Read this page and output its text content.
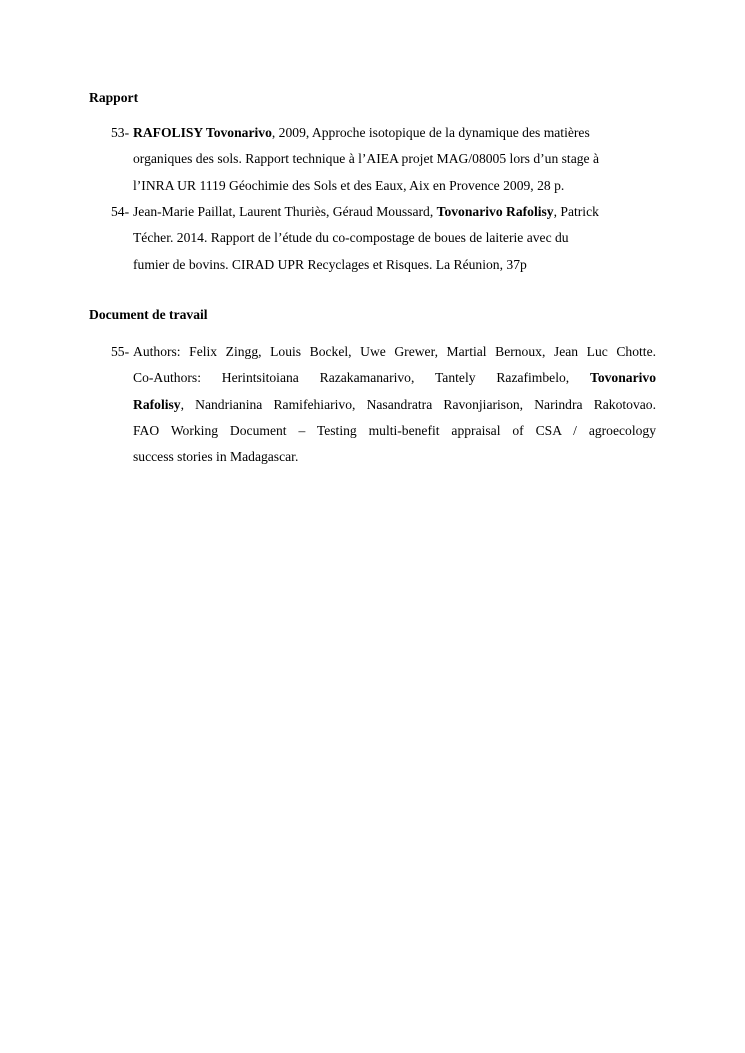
Rapport
53- RAFOLISY Tovonarivo, 2009, Approche isotopique de la dynamique des matières
organiques des sols. Rapport technique à l’AIEA projet MAG/08005 lors d’un stage à
l’INRA UR 1119 Géochimie des Sols et des Eaux, Aix en Provence 2009, 28 p.
54- Jean-Marie Paillat, Laurent Thuriès, Géraud Moussard, Tovonarivo Rafolisy, Patrick
Técher. 2014. Rapport de l’étude du co-compostage de boues de laiterie avec du
fumier de bovins. CIRAD UPR Recyclages et Risques. La Réunion, 37p
Document de travail
55- Authors: Felix Zingg, Louis Bockel, Uwe Grewer, Martial Bernoux, Jean Luc Chotte.
Co-Authors: Herintsitoiana Razakamanarivo, Tantely Razafimbelo, Tovonarivo
Rafolisy, Nandrianina Ramifehiarivo, Nasandratra Ravonjiarison, Narindra Rakotovao.
FAO Working Document – Testing multi-benefit appraisal of CSA / agroecology
success stories in Madagascar.
